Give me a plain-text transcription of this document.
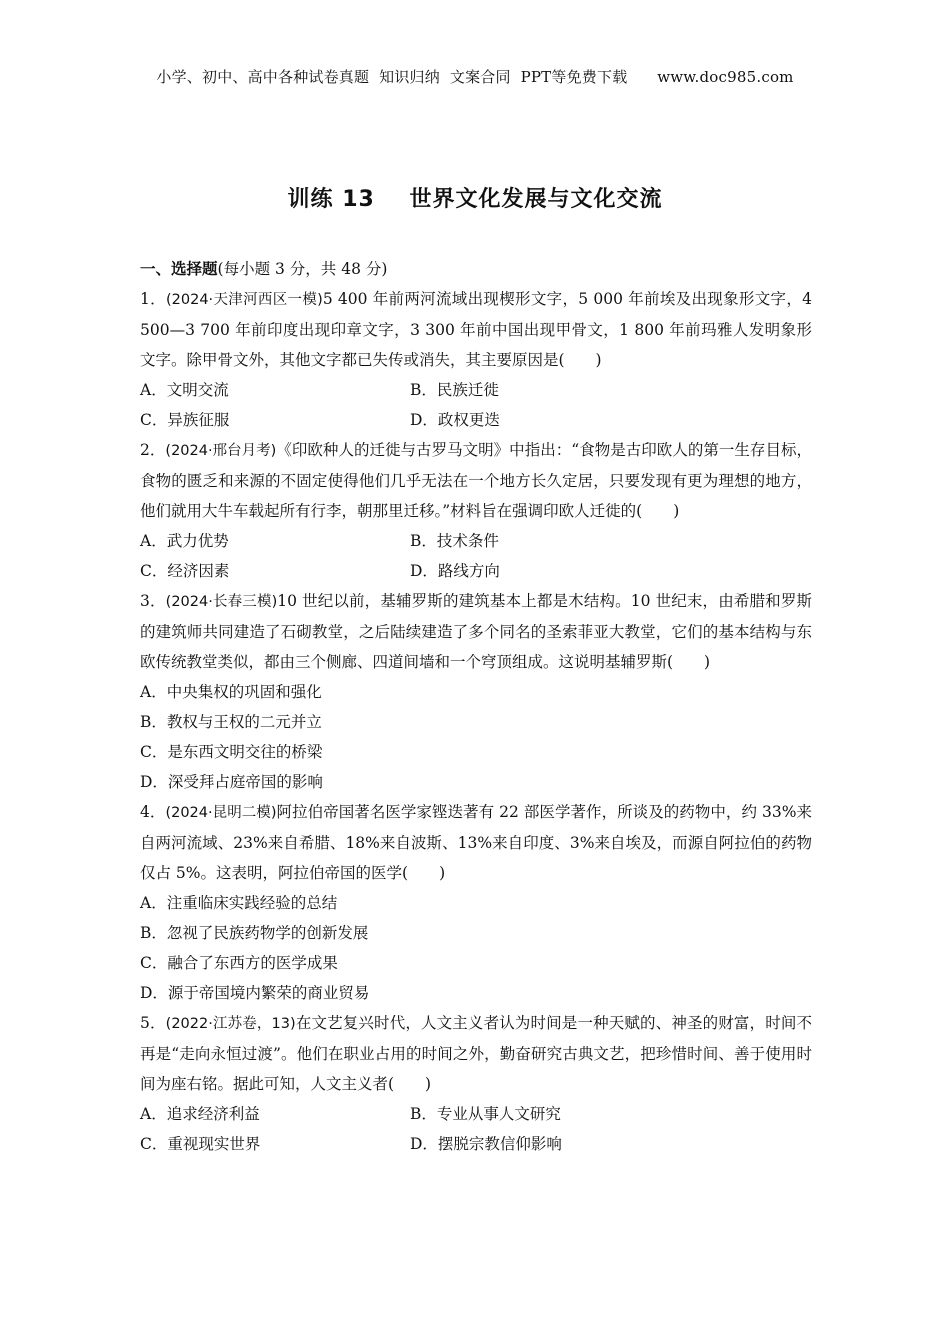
小学、初中、高中各种试卷真题  知识归纳  文案合同  PPT等免费下载      www.doc985.com
训练 13    世界文化发展与文化交流
一、选择题(每小题 3 分，共 48 分)
1．(2024·天津河西区一模)5 400 年前两河流域出现楔形文字，5 000 年前埃及出现象形文字，4 500—3 700 年前印度出现印章文字，3 300 年前中国出现甲骨文，1 800 年前玛雅人发明象形文字。除甲骨文外，其他文字都已失传或消失，其主要原因是(　　)
A．文明交流	B．民族迁徙
C．异族征服	D．政权更迭
2．(2024·邢台月考)《印欧种人的迁徙与古罗马文明》中指出：“食物是古印欧人的第一生存目标，食物的匮乏和来源的不固定使得他们几乎无法在一个地方长久定居，只要发现有更为理想的地方，他们就用大牛车载起所有行李，朝那里迁移。”材料旨在强调印欧人迁徙的(　　)
A．武力优势	B．技术条件
C．经济因素	D．路线方向
3．(2024·长春三模)10 世纪以前，基辅罗斯的建筑基本上都是木结构。10 世纪末，由希腊和罗斯的建筑师共同建造了石砌教堂，之后陆续建造了多个同名的圣索菲亚大教堂，它们的基本结构与东欧传统教堂类似，都由三个侧廊、四道间墙和一个穹顶组成。这说明基辅罗斯(　　)
A．中央集权的巩固和强化
B．教权与王权的二元并立
C．是东西文明交往的桥梁
D．深受拜占庭帝国的影响
4．(2024·昆明二模)阿拉伯帝国著名医学家铿迭著有 22 部医学著作，所谈及的药物中，约 33%来自两河流域、23%来自希腊、18%来自波斯、13%来自印度、3%来自埃及，而源自阿拉伯的药物仅占 5%。这表明，阿拉伯帝国的医学(　　)
A．注重临床实践经验的总结
B．忽视了民族药物学的创新发展
C．融合了东西方的医学成果
D．源于帝国境内繁荣的商业贸易
5．(2022·江苏卷，13)在文艺复兴时代，人文主义者认为时间是一种天赋的、神圣的财富，时间不再是“走向永恒过渡”。他们在职业占用的时间之外，勤奋研究古典文艺，把珍惜时间、善于使用时间为座右铭。据此可知，人文主义者(　　)
A．追求经济利益	B．专业从事人文研究
C．重视现实世界	D．摆脱宗教信仰影响
